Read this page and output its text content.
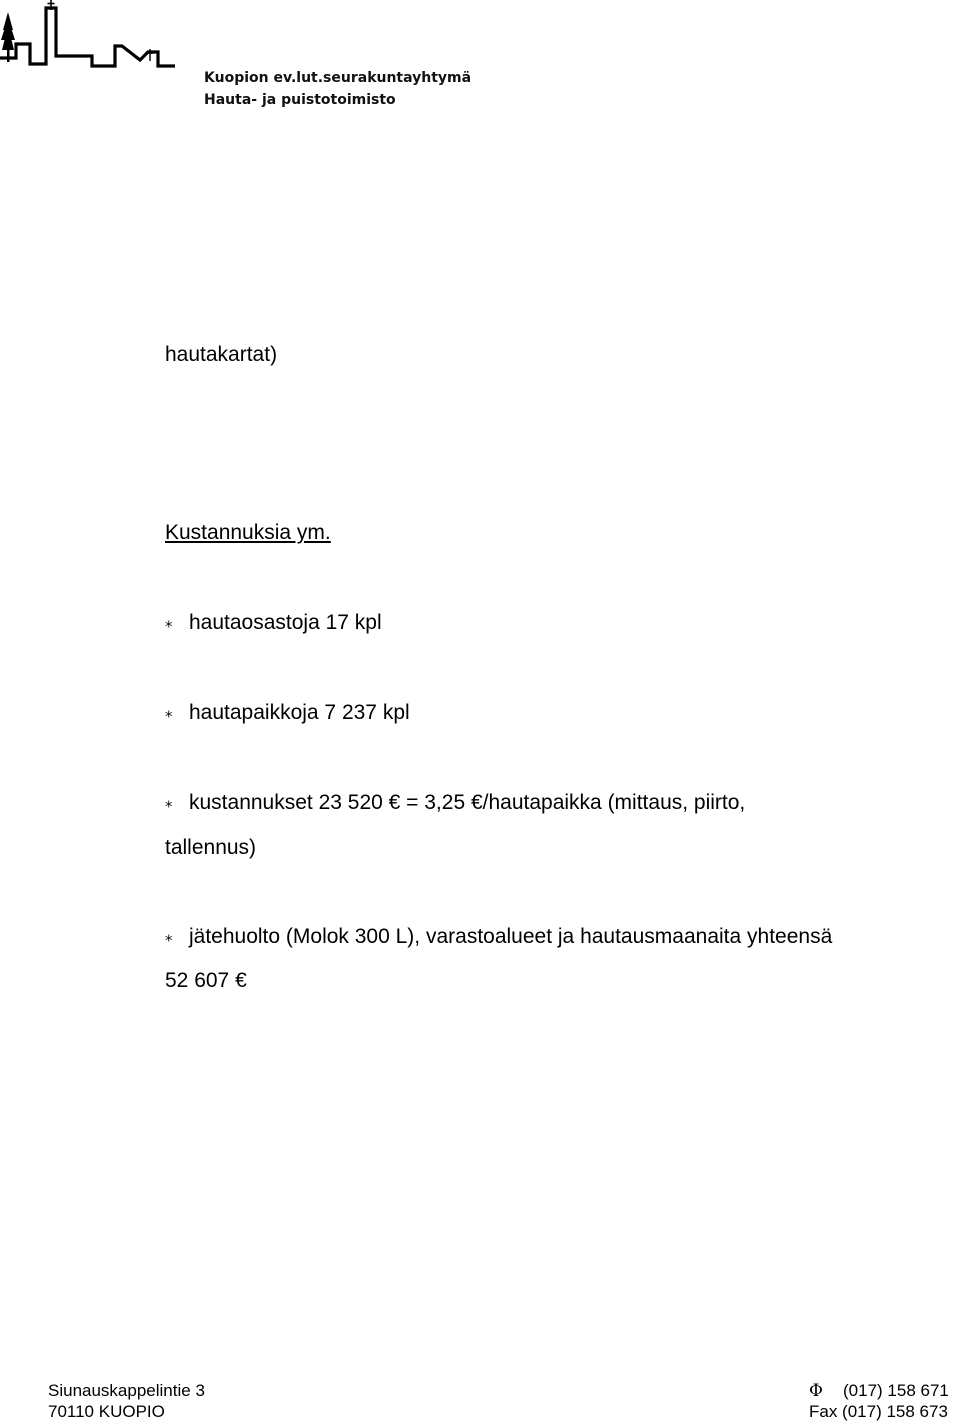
Kuopion ev.lut.seurakuntayhtymä
Hauta- ja puistotoimisto
hautakartat)
Kustannuksia ym.
⁎ hautaosastoja 17 kpl
⁎ hautapaikkoja 7 237 kpl
⁎ kustannukset 23 520 € = 3,25 €/hautapaikka (mittaus, piirto,
tallennus)
⁎ jätehuolto (Molok 300 L), varastoalueet ja hautausmaanaita yhteensä
52 607 €
Siunauskappelintie 3
70110 KUOPIO
Φ (017) 158 671
Fax (017) 158 673
